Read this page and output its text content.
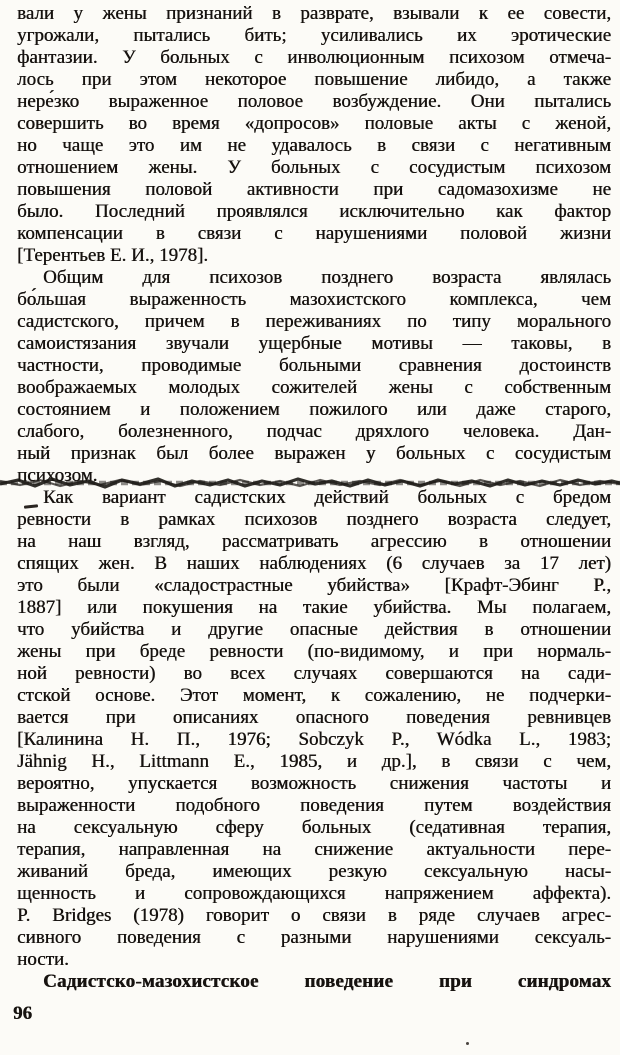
вали у жены признаний в разврате, взывали к ее совести,
угрожали, пытались бить; усиливались их эротические
фантазии. У больных с инволюционным психозом отмеча-
лось при этом некоторое повышение либидо, а также
нере́зко выраженное половое возбуждение. Они пытались
совершить во время «допросов» половые акты с женой,
но чаще это им не удавалось в связи с негативным
отношением жены. У больных с сосудистым психозом
повышения половой активности при садомазохизме не
было. Последний проявлялся исключительно как фактор
компенсации в связи с нарушениями половой жизни
[Терентьев Е. И., 1978].
Общим для психозов позднего возраста являлась
бо́льшая выраженность мазохистского комплекса, чем
садистского, причем в переживаниях по типу морального
самоистязания звучали ущербные мотивы — таковы, в
частности, проводимые больными сравнения достоинств
воображаемых молодых сожителей жены с собственным
состоянием и положением пожилого или даже старого,
слабого, болезненного, подчас дряхлого человека. Дан-
ный признак был более выражен у больных с сосудистым
психозом.
Как вариант садистских действий больных с бредом
ревности в рамках психозов позднего возраста следует,
на наш взгляд, рассматривать агрессию в отношении
спящих жен. В наших наблюдениях (6 случаев за 17 лет)
это были «сладострастные убийства» [Крафт-Эбинг Р.,
1887] или покушения на такие убийства. Мы полагаем,
что убийства и другие опасные действия в отношении
жены при бреде ревности (по-видимому, и при нормаль-
ной ревности) во всех случаях совершаются на сади-
стской основе. Этот момент, к сожалению, не подчерки-
вается при описаниях опасного поведения ревнивцев
[Калинина Н. П., 1976; Sobczyk P., Wódka L., 1983;
Jähnig H., Littmann E., 1985, и др.], в связи с чем,
вероятно, упускается возможность снижения частоты и
выраженности подобного поведения путем воздействия
на сексуальную сферу больных (седативная терапия,
терапия, направленная на снижение актуальности пере-
живаний бреда, имеющих резкую сексуальную насы-
щенность и сопровождающихся напряжением аффекта).
P. Bridges (1978) говорит о связи в ряде случаев агрес-
сивного поведения с разными нарушениями сексуаль-
ности.
Садистско-мазохистское поведение при синдромах
96
